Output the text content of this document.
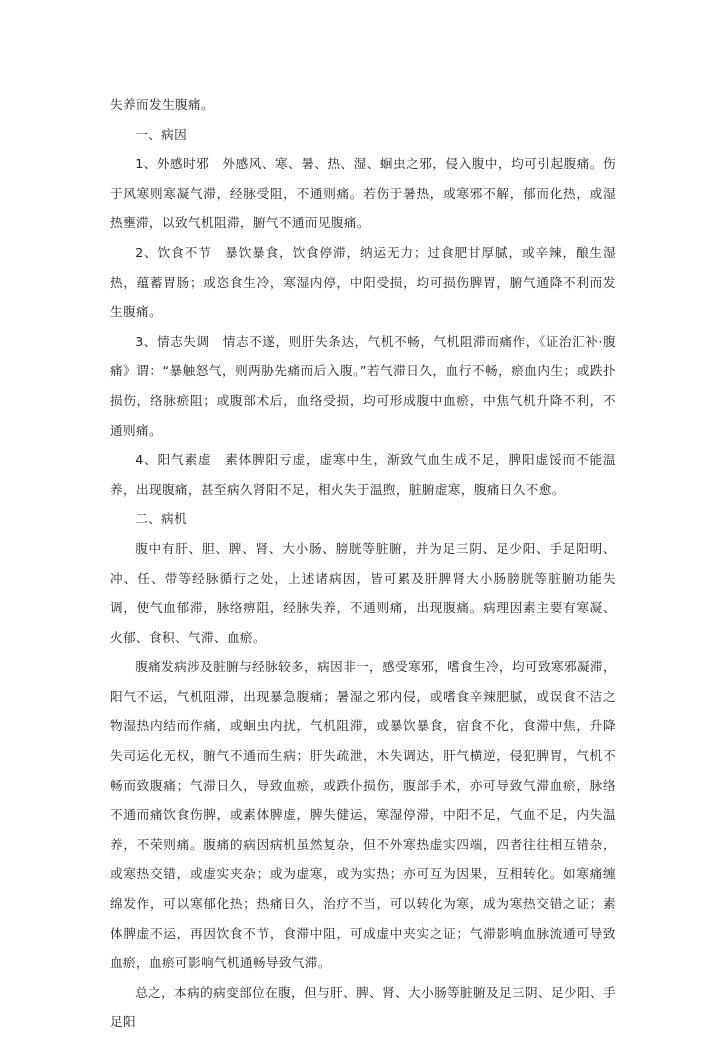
失养而发生腹痛。

一、病因

1、外感时邪　外感风、寒、暑、热、湿、蛔虫之邪，侵入腹中，均可引起腹痛。伤于风寒则寒凝气滞，经脉受阻，不通则痛。若伤于暑热，或寒邪不解，郁而化热，或湿热壅滞，以致气机阻滞，腑气不通而见腹痛。

2、饮食不节　暴饮暴食，饮食停滞，纳运无力；过食肥甘厚腻，或辛辣，酿生湿热，蕴蓄胃肠；或恣食生冷，寒湿内停，中阳受损，均可损伤脾胃，腑气通降不利而发生腹痛。

3、情志失调　情志不遂，则肝失条达，气机不畅，气机阻滞而痛作，《证治汇补·腹痛》谓：“暴触怒气，则两胁先痛而后入腹。”若气滞日久，血行不畅，瘀血内生；或跌扑损伤，络脉瘀阻；或腹部术后，血络受损，均可形成腹中血瘀，中焦气机升降不利，不通则痛。

4、阳气素虚　素体脾阳亏虚，虚寒中生，渐致气血生成不足，脾阳虚馁而不能温养，出现腹痛，甚至病久肾阳不足，相火失于温煦，脏腑虚寒，腹痛日久不愈。

二、病机

腹中有肝、胆、脾、肾、大小肠、膀胱等脏腑，并为足三阴、足少阳、手足阳明、冲、任、带等经脉循行之处，上述诸病因，皆可累及肝脾肾大小肠膀胱等脏腑功能失调，使气血郁滞，脉络痹阻，经脉失养，不通则痛，出现腹痛。病理因素主要有寒凝、火郁、食积、气滞、血瘀。

腹痛发病涉及脏腑与经脉较多，病因非一，感受寒邪，嗜食生冷，均可致寒邪凝滞，阳气不运，气机阻滞，出现暴急腹痛；暑湿之邪内侵，或嗜食辛辣肥腻，或误食不洁之物湿热内结而作痛，或蛔虫内扰，气机阻滞，或暴饮暴食，宿食不化，食滞中焦，升降失司运化无权，腑气不通而生病；肝失疏泄，木失调达，肝气横逆，侵犯脾胃，气机不畅而致腹痛；气滞日久，导致血瘀，或跌仆损伤，腹部手术，亦可导致气滞血瘀，脉络不通而痛饮食伤脾，或素体脾虚，脾失健运，寒湿停滞，中阳不足，气血不足，内失温养，不荣则痛。腹痛的病因病机虽然复杂，但不外寒热虚实四端，四者往往相互错杂，或寒热交错，或虚实夹杂；或为虚寒，或为实热；亦可互为因果，互相转化。如寒痛缠绵发作，可以寒郁化热；热痛日久，治疗不当，可以转化为寒，成为寒热交错之证；素体脾虚不运，再因饮食不节，食滞中阻，可成虚中夹实之证；气滞影响血脉流通可导致血瘀，血瘀可影响气机通畅导致气滞。

总之，本病的病变部位在腹，但与肝、脾、肾、大小肠等脏腑及足三阴、足少阳、手足阳
